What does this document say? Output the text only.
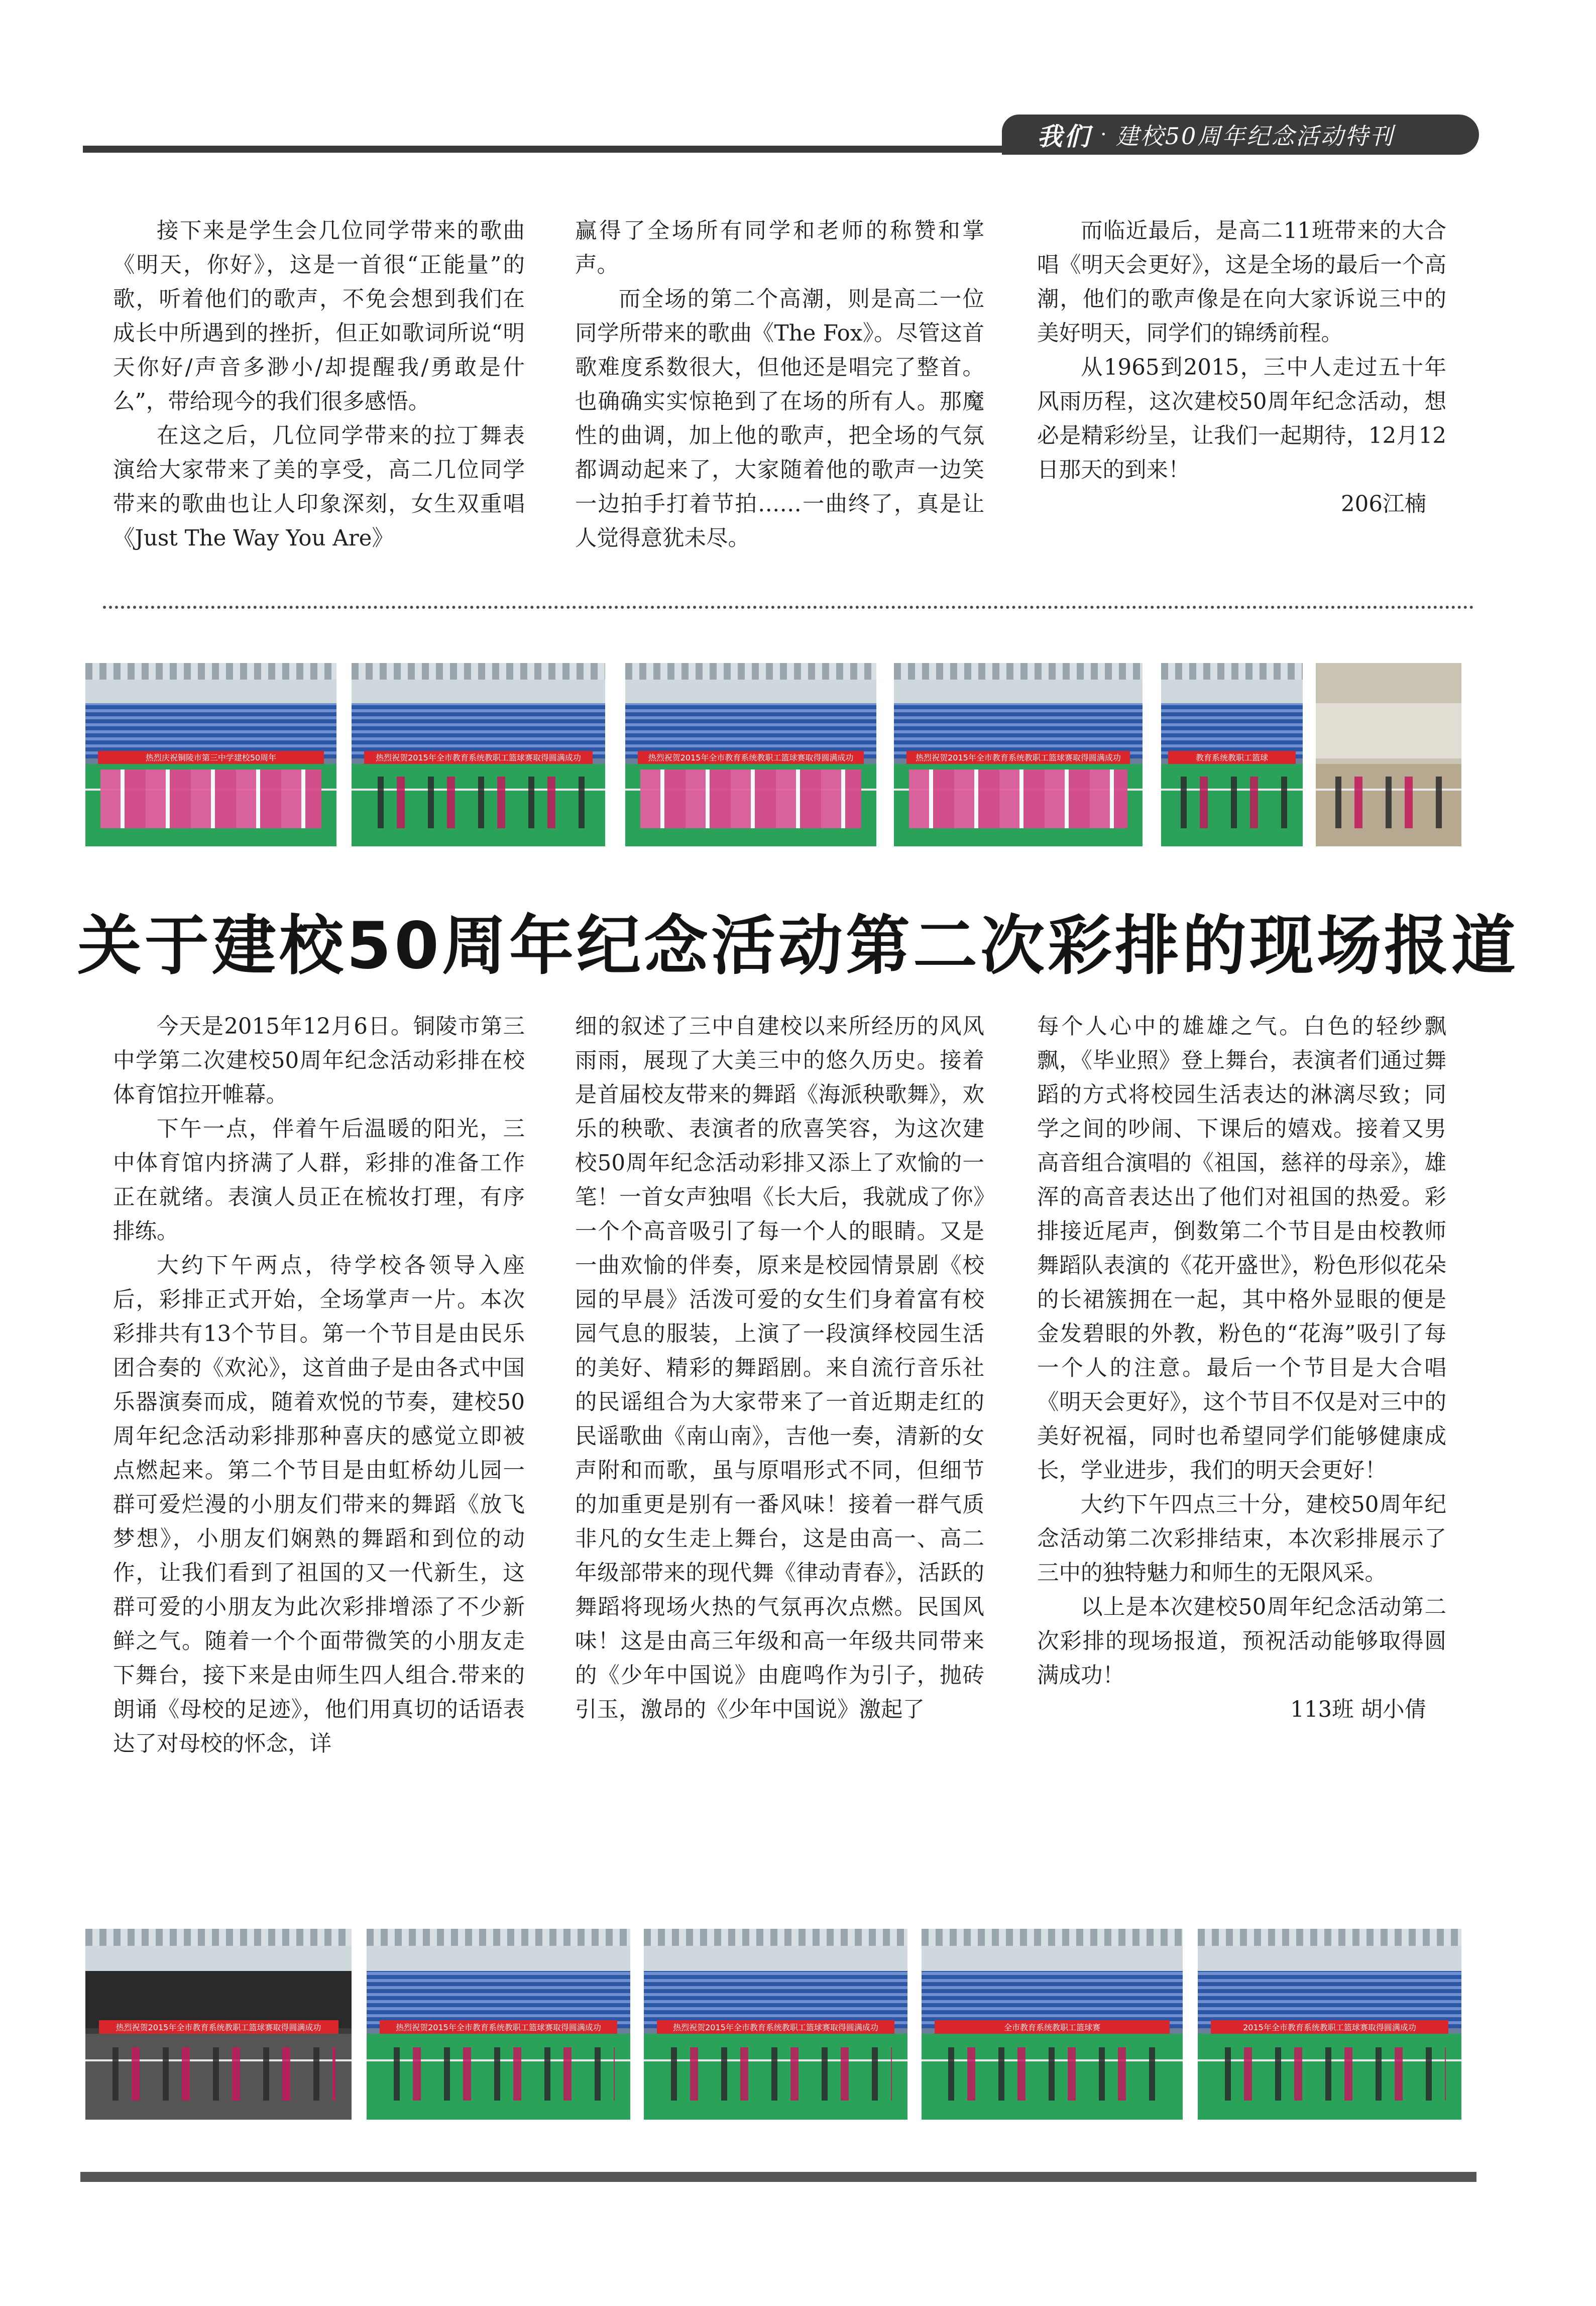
我们 · 建校50周年纪念活动特刊

接下来是学生会几位同学带来的歌曲《明天，你好》，这是一首很“正能量”的歌，听着他们的歌声，不免会想到我们在成长中所遇到的挫折，但正如歌词所说“明天你好/声音多渺小/却提醒我/勇敢是什么”，带给现今的我们很多感悟。

在这之后，几位同学带来的拉丁舞表演给大家带来了美的享受，高二几位同学带来的歌曲也让人印象深刻，女生双重唱《Just The Way You Are》

赢得了全场所有同学和老师的称赞和掌声。

而全场的第二个高潮，则是高二一位同学所带来的歌曲《The Fox》。尽管这首歌难度系数很大，但他还是唱完了整首。也确确实实惊艳到了在场的所有人。那魔性的曲调，加上他的歌声，把全场的气氛都调动起来了，大家随着他的歌声一边笑一边拍手打着节拍……一曲终了，真是让人觉得意犹未尽。

而临近最后，是高二11班带来的大合唱《明天会更好》，这是全场的最后一个高潮，他们的歌声像是在向大家诉说三中的美好明天，同学们的锦绣前程。

从1965到2015，三中人走过五十年风雨历程，这次建校50周年纪念活动，想必是精彩纷呈，让我们一起期待，12月12日那天的到来！

206江楠

热烈庆祝铜陵市第三中学建校50周年	热烈祝贺2015年全市教育系统教职工篮球赛取得圆满成功	热烈祝贺2015年全市教育系统教职工篮球赛取得圆满成功	热烈祝贺2015年全市教育系统教职工篮球赛取得圆满成功	教育系统教职工篮球
关于建校50周年纪念活动第二次彩排的现场报道

今天是2015年12月6日。铜陵市第三中学第二次建校50周年纪念活动彩排在校体育馆拉开帷幕。

下午一点，伴着午后温暖的阳光，三中体育馆内挤满了人群，彩排的准备工作正在就绪。表演人员正在梳妆打理，有序排练。

大约下午两点，待学校各领导入座后，彩排正式开始，全场掌声一片。本次彩排共有13个节目。第一个节目是由民乐团合奏的《欢沁》，这首曲子是由各式中国乐器演奏而成，随着欢悦的节奏，建校50周年纪念活动彩排那种喜庆的感觉立即被点燃起来。第二个节目是由虹桥幼儿园一群可爱烂漫的小朋友们带来的舞蹈《放飞梦想》，小朋友们娴熟的舞蹈和到位的动作，让我们看到了祖国的又一代新生，这群可爱的小朋友为此次彩排增添了不少新鲜之气。随着一个个面带微笑的小朋友走下舞台，接下来是由师生四人组合.带来的朗诵《母校的足迹》，他们用真切的话语表达了对母校的怀念，详

细的叙述了三中自建校以来所经历的风风雨雨，展现了大美三中的悠久历史。接着是首届校友带来的舞蹈《海派秧歌舞》，欢乐的秧歌、表演者的欣喜笑容，为这次建校50周年纪念活动彩排又添上了欢愉的一笔！一首女声独唱《长大后，我就成了你》一个个高音吸引了每一个人的眼睛。又是一曲欢愉的伴奏，原来是校园情景剧《校园的早晨》活泼可爱的女生们身着富有校园气息的服装，上演了一段演绎校园生活的美好、精彩的舞蹈剧。来自流行音乐社的民谣组合为大家带来了一首近期走红的民谣歌曲《南山南》，吉他一奏，清新的女声附和而歌，虽与原唱形式不同，但细节的加重更是别有一番风味！接着一群气质非凡的女生走上舞台，这是由高一、高二年级部带来的现代舞《律动青春》，活跃的舞蹈将现场火热的气氛再次点燃。民国风味！这是由高三年级和高一年级共同带来的《少年中国说》由鹿鸣作为引子，抛砖引玉，激昂的《少年中国说》激起了

每个人心中的雄雄之气。白色的轻纱飘飘，《毕业照》登上舞台，表演者们通过舞蹈的方式将校园生活表达的淋漓尽致；同学之间的吵闹、下课后的嬉戏。接着又男高音组合演唱的《祖国，慈祥的母亲》，雄浑的高音表达出了他们对祖国的热爱。彩排接近尾声，倒数第二个节目是由校教师舞蹈队表演的《花开盛世》，粉色形似花朵的长裙簇拥在一起，其中格外显眼的便是金发碧眼的外教，粉色的“花海”吸引了每一个人的注意。最后一个节目是大合唱《明天会更好》，这个节目不仅是对三中的美好祝福，同时也希望同学们能够健康成长，学业进步，我们的明天会更好！

大约下午四点三十分，建校50周年纪念活动第二次彩排结束，本次彩排展示了三中的独特魅力和师生的无限风采。

以上是本次建校50周年纪念活动第二次彩排的现场报道，预祝活动能够取得圆满成功！

113班 胡小倩

热烈祝贺2015年全市教育系统教职工篮球赛取得圆满成功	热烈祝贺2015年全市教育系统教职工篮球赛取得圆满成功	热烈祝贺2015年全市教育系统教职工篮球赛取得圆满成功	全市教育系统教职工篮球赛	2015年全市教育系统教职工篮球赛取得圆满成功
